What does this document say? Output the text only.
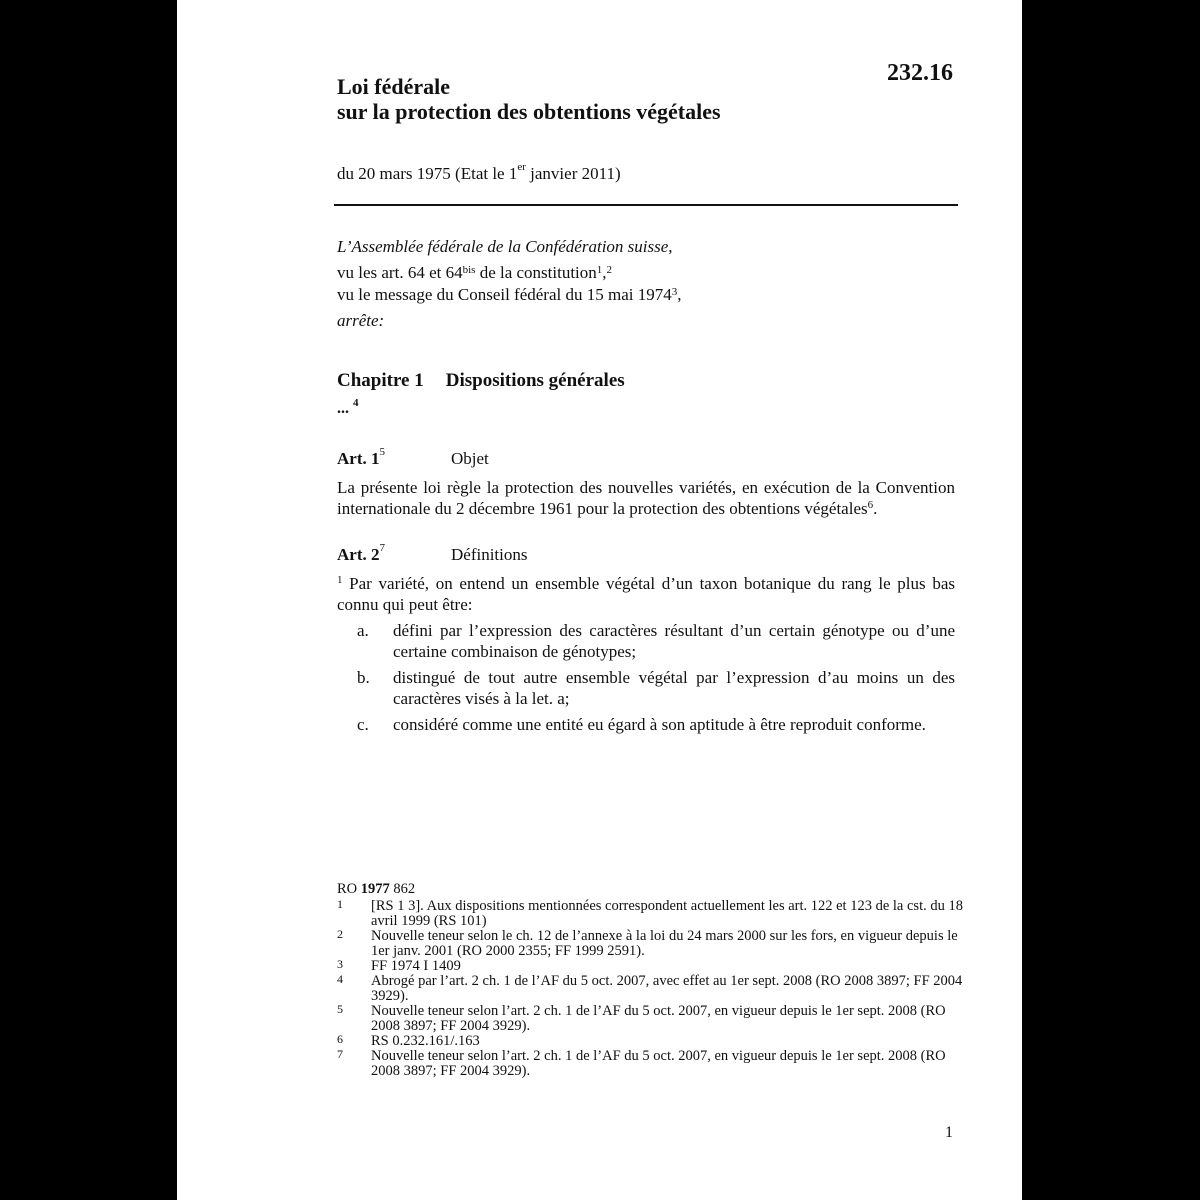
232.16
Loi fédérale
sur la protection des obtentions végétales
du 20 mars 1975 (Etat le 1er janvier 2011)
L’Assemblée fédérale de la Confédération suisse,
vu les art. 64 et $64^{bis}$ de la constitution$^1$,$^2$
vu le message du Conseil fédéral du 15 mai 1974$^3$,
arrête:
Chapitre 1 Dispositions générales
... $^4$
Art. $1^5$	Objet
La présente loi règle la protection des nouvelles variétés, en exécution de la Convention internationale du 2 décembre 1961 pour la protection des obtentions végétales$^6$.
Art. $2^7$	Définitions
$^1$ Par variété, on entend un ensemble végétal d’un taxon botanique du rang le plus bas connu qui peut être:
a.	défini par l’expression des caractères résultant d’un certain génotype ou d’une certaine combinaison de génotypes;
b.	distingué de tout autre ensemble végétal par l’expression d’au moins un des caractères visés à la let. a;
c.	considéré comme une entité eu égard à son aptitude à être reproduit conforme.
RO 1977 862
1	[RS 1 3]. Aux dispositions mentionnées correspondent actuellement les art. 122 et 123 de la cst. du 18 avril 1999 (RS 101)
2	Nouvelle teneur selon le ch. 12 de l’annexe à la loi du 24 mars 2000 sur les fors, en vigueur depuis le 1er janv. 2001 (RO 2000 2355; FF 1999 2591).
3	FF 1974 I 1409
4	Abrogé par l’art. 2 ch. 1 de l’AF du 5 oct. 2007, avec effet au 1er sept. 2008 (RO 2008 3897; FF 2004 3929).
5	Nouvelle teneur selon l’art. 2 ch. 1 de l’AF du 5 oct. 2007, en vigueur depuis le 1er sept. 2008 (RO 2008 3897; FF 2004 3929).
6	RS 0.232.161/.163
7	Nouvelle teneur selon l’art. 2 ch. 1 de l’AF du 5 oct. 2007, en vigueur depuis le 1er sept. 2008 (RO 2008 3897; FF 2004 3929).
1
